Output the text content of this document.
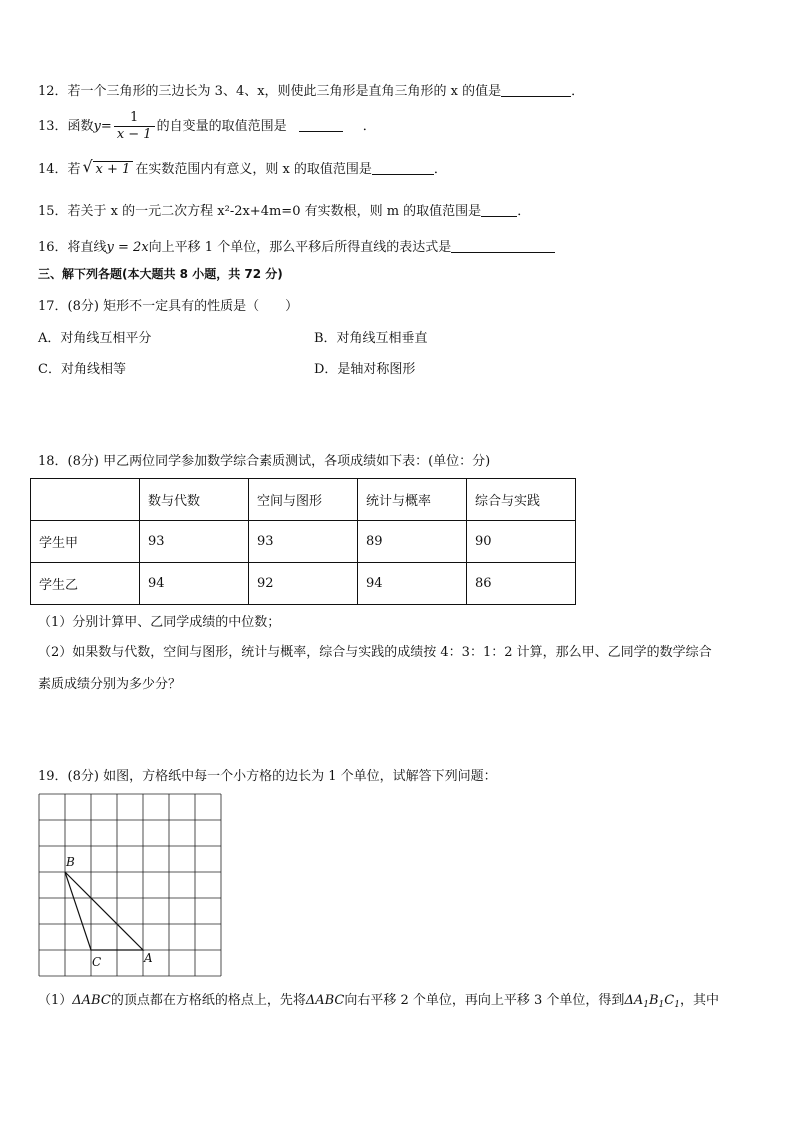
12．若一个三角形的三边长为 3、4、x，则使此三角形是直角三角形的 x 的值是	．
13．函数$y= \frac{1}{x - 1}$ 的自变量的取值范围是	．
14．若 √ x + 1 在实数范围内有意义，则 x 的取值范围是	．
15．若关于 x 的一元二次方程 x²-2x+4m=0 有实数根，则 m 的取值范围是	．
16．将直线y = 2x向上平移 1 个单位，那么平移后所得直线的表达式是
三、解下列各题(本大题共 8 小题，共 72 分)
17．(8分) 矩形不一定具有的性质是（　　）
A．对角线互相平分	B．对角线互相垂直
C．对角线相等	D．是轴对称图形
18．(8分) 甲乙两位同学参加数学综合素质测试，各项成绩如下表：(单位：分)
	数与代数	空间与图形	统计与概率	综合与实践
学生甲	93	93	89	90
学生乙	94	92	94	86
（1）分别计算甲、乙同学成绩的中位数；
（2）如果数与代数，空间与图形，统计与概率，综合与实践的成绩按 4：3：1：2 计算，那么甲、乙同学的数学综合
素质成绩分别为多少分？
19．(8分) 如图，方格纸中每一个小方格的边长为 1 个单位，试解答下列问题：
B
C	A
（1）ΔABC的顶点都在方格纸的格点上，先将ΔABC向右平移 2 个单位，再向上平移 3 个单位，得到$\Delta A_1B_1C_1$，其中
